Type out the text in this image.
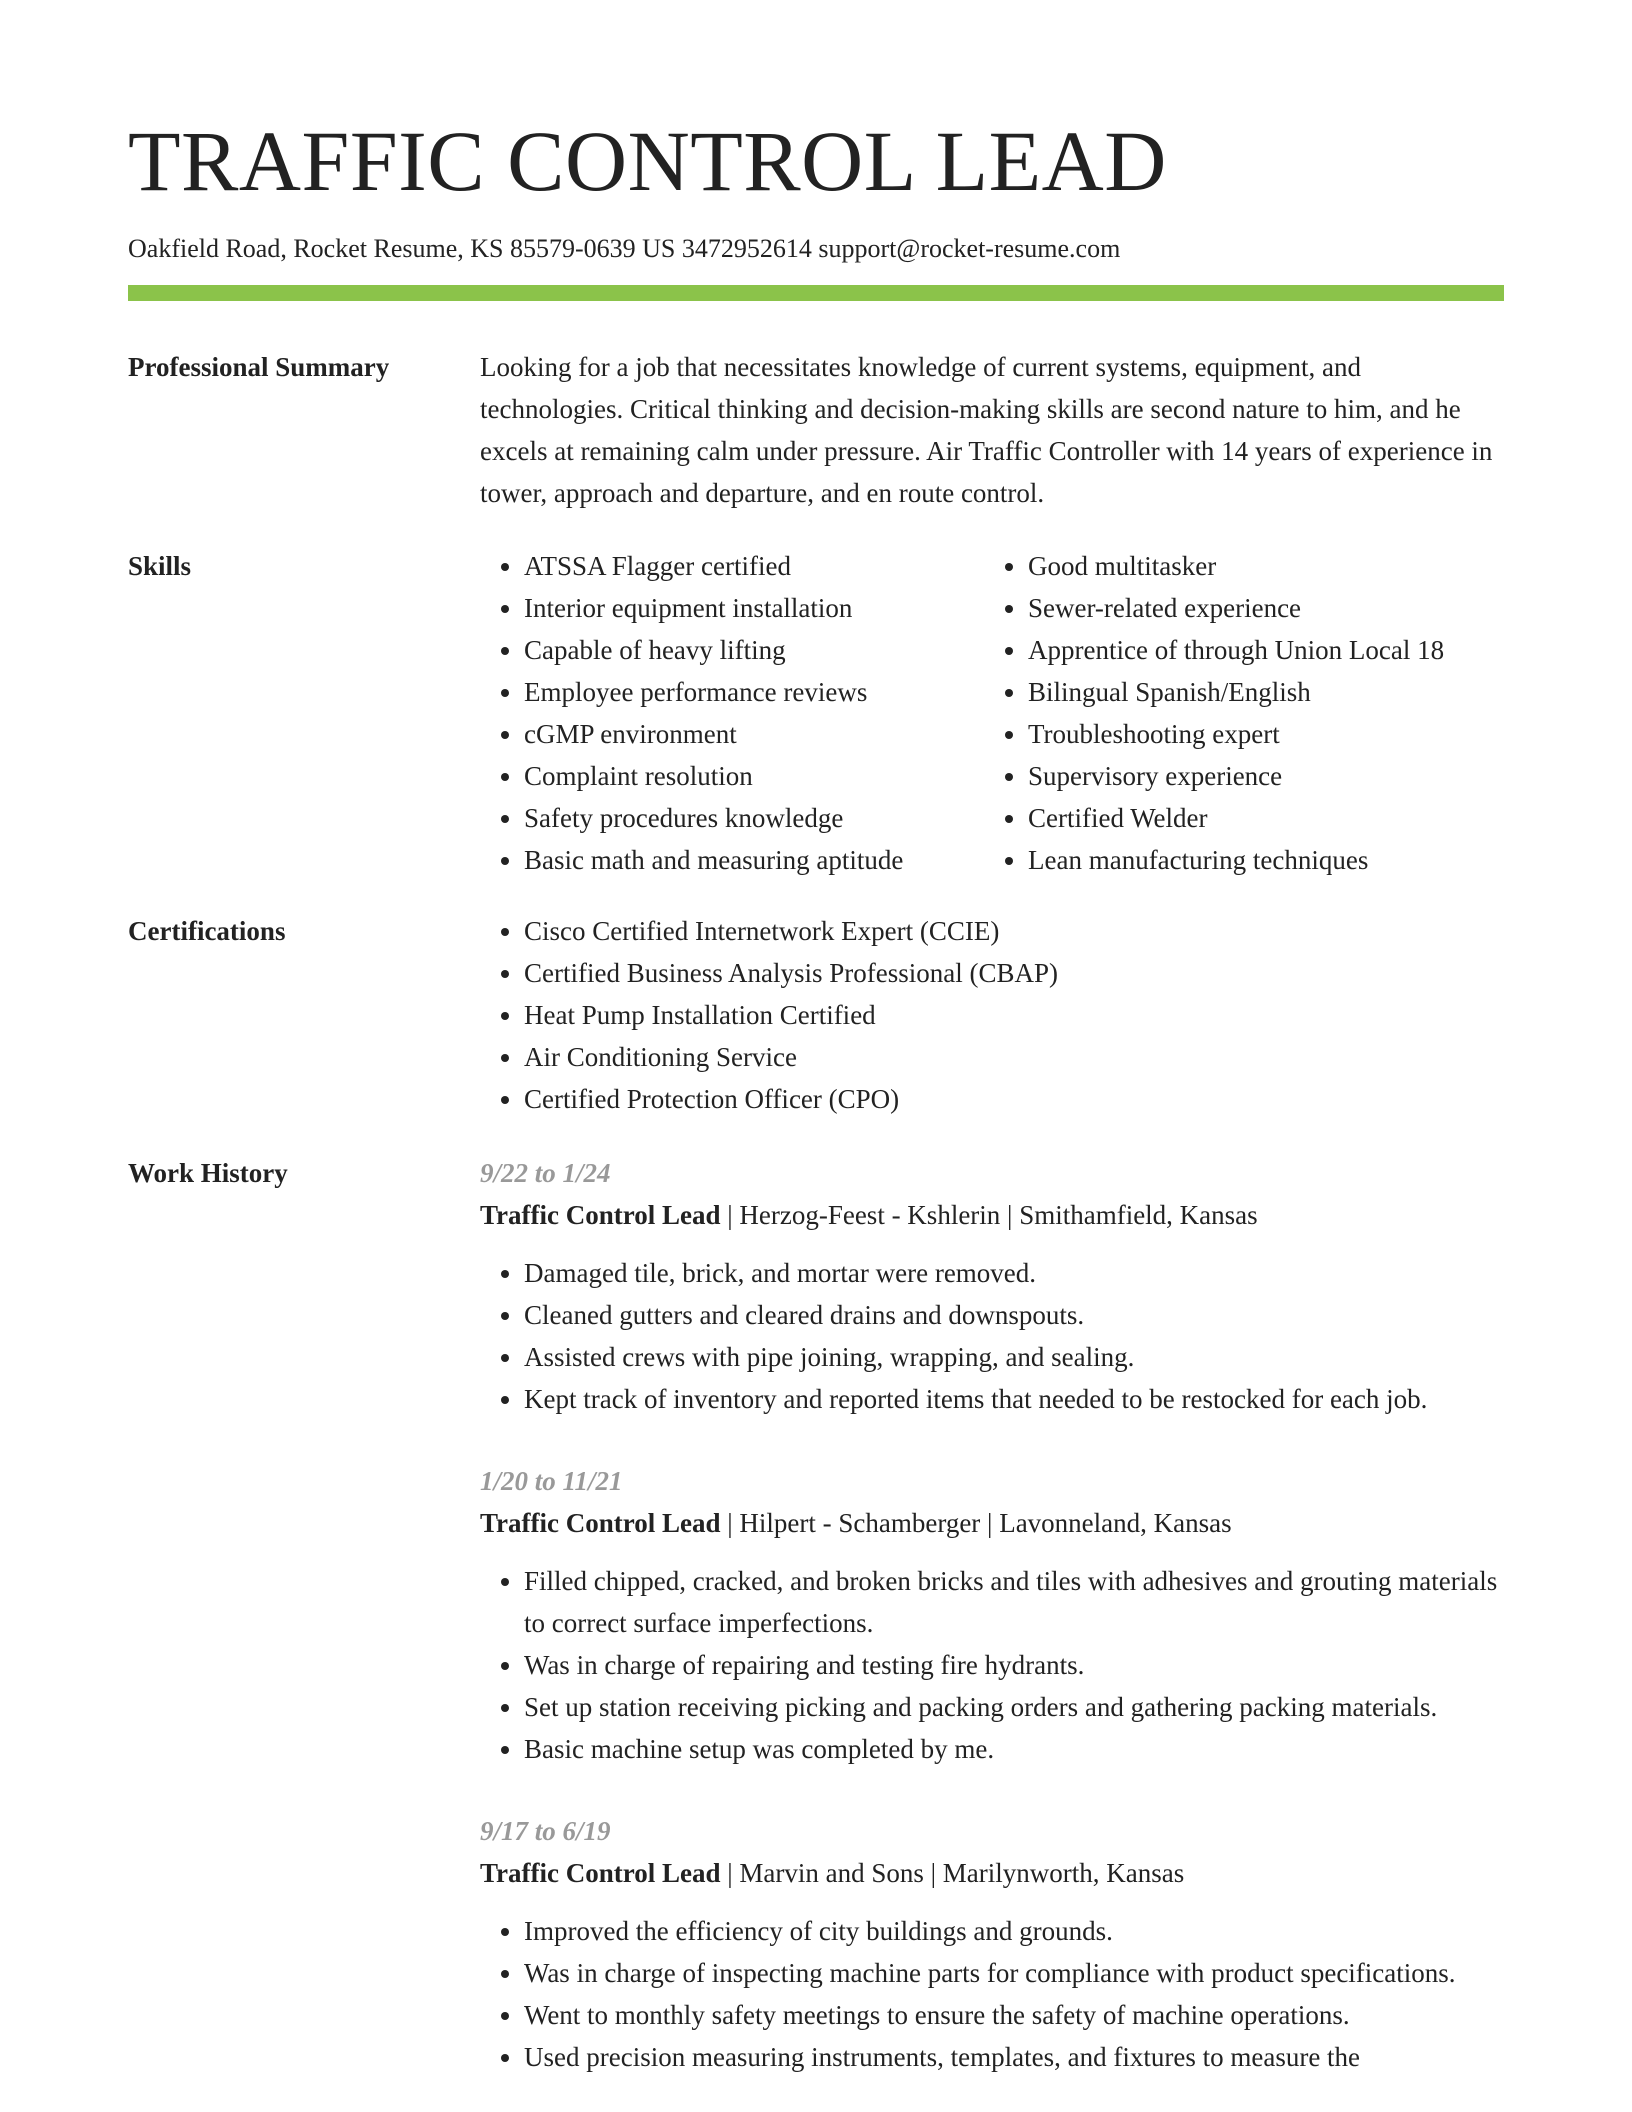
TRAFFIC CONTROL LEAD
Oakfield Road, Rocket Resume, KS 85579-0639 US 3472952614 support@rocket-resume.com
Professional Summary	Looking for a job that necessitates knowledge of current systems, equipment, and technologies. Critical thinking and decision-making skills are second nature to him, and he excels at remaining calm under pressure. Air Traffic Controller with 14 years of experience in tower, approach and departure, and en route control.

Skills	• ATSSA Flagger certified
• Interior equipment installation
• Capable of heavy lifting
• Employee performance reviews
• cGMP environment
• Complaint resolution
• Safety procedures knowledge
• Basic math and measuring aptitude
• Good multitasker
• Sewer-related experience
• Apprentice of through Union Local 18
• Bilingual Spanish/English
• Troubleshooting expert
• Supervisory experience
• Certified Welder
• Lean manufacturing techniques
Certifications	• Cisco Certified Internetwork Expert (CCIE)
• Certified Business Analysis Professional (CBAP)
• Heat Pump Installation Certified
• Air Conditioning Service
• Certified Protection Officer (CPO)
Work History	9/22 to 1/24
Traffic Control Lead | Herzog-Feest - Kshlerin | Smithamfield, Kansas
• Damaged tile, brick, and mortar were removed.
• Cleaned gutters and cleared drains and downspouts.
• Assisted crews with pipe joining, wrapping, and sealing.
• Kept track of inventory and reported items that needed to be restocked for each job.
1/20 to 11/21
Traffic Control Lead | Hilpert - Schamberger | Lavonneland, Kansas
• Filled chipped, cracked, and broken bricks and tiles with adhesives and grouting materials to correct surface imperfections.
• Was in charge of repairing and testing fire hydrants.
• Set up station receiving picking and packing orders and gathering packing materials.
• Basic machine setup was completed by me.
9/17 to 6/19
Traffic Control Lead | Marvin and Sons | Marilynworth, Kansas
• Improved the efficiency of city buildings and grounds.
• Was in charge of inspecting machine parts for compliance with product specifications.
• Went to monthly safety meetings to ensure the safety of machine operations.
• Used precision measuring instruments, templates, and fixtures to measure the
